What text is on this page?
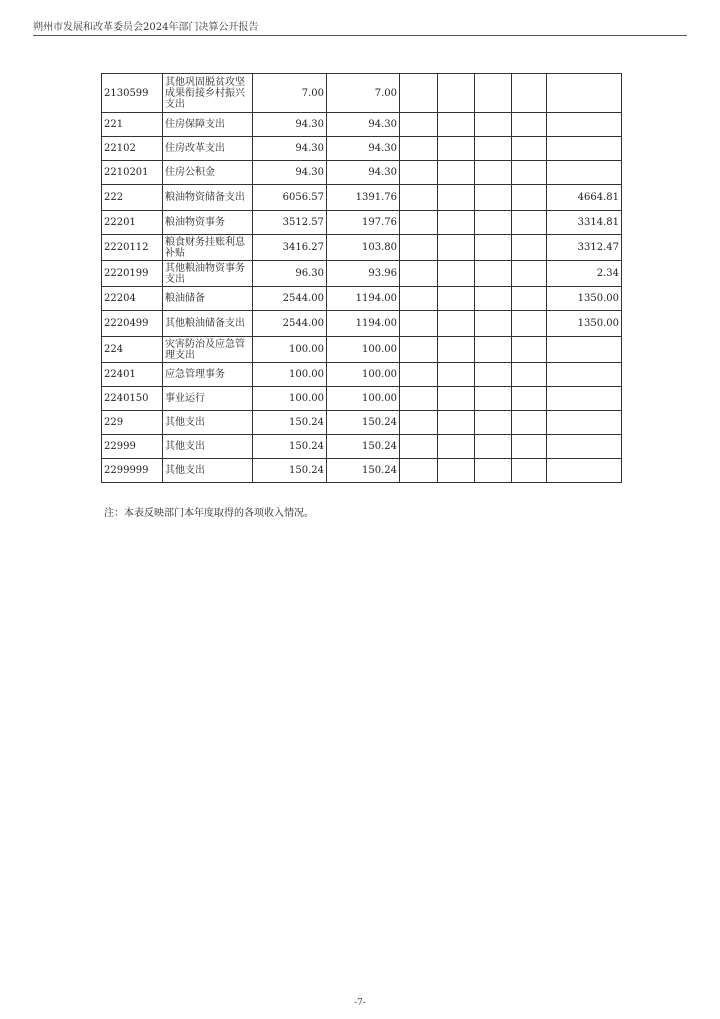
朔州市发展和改革委员会2024年部门决算公开报告
2130599	其他巩固脱贫攻坚成果衔接乡村振兴支出	7.00	7.00					
221	住房保障支出	94.30	94.30					
22102	住房改革支出	94.30	94.30					
2210201	住房公积金	94.30	94.30					
222	粮油物资储备支出	6056.57	1391.76					4664.81
22201	粮油物资事务	3512.57	197.76					3314.81
2220112	粮食财务挂账利息补贴	3416.27	103.80					3312.47
2220199	其他粮油物资事务支出	96.30	93.96					2.34
22204	粮油储备	2544.00	1194.00					1350.00
2220499	其他粮油储备支出	2544.00	1194.00					1350.00
224	灾害防治及应急管理支出	100.00	100.00					
22401	应急管理事务	100.00	100.00					
2240150	事业运行	100.00	100.00					
229	其他支出	150.24	150.24					
22999	其他支出	150.24	150.24					
2299999	其他支出	150.24	150.24					
注：本表反映部门本年度取得的各项收入情况。
-7-
